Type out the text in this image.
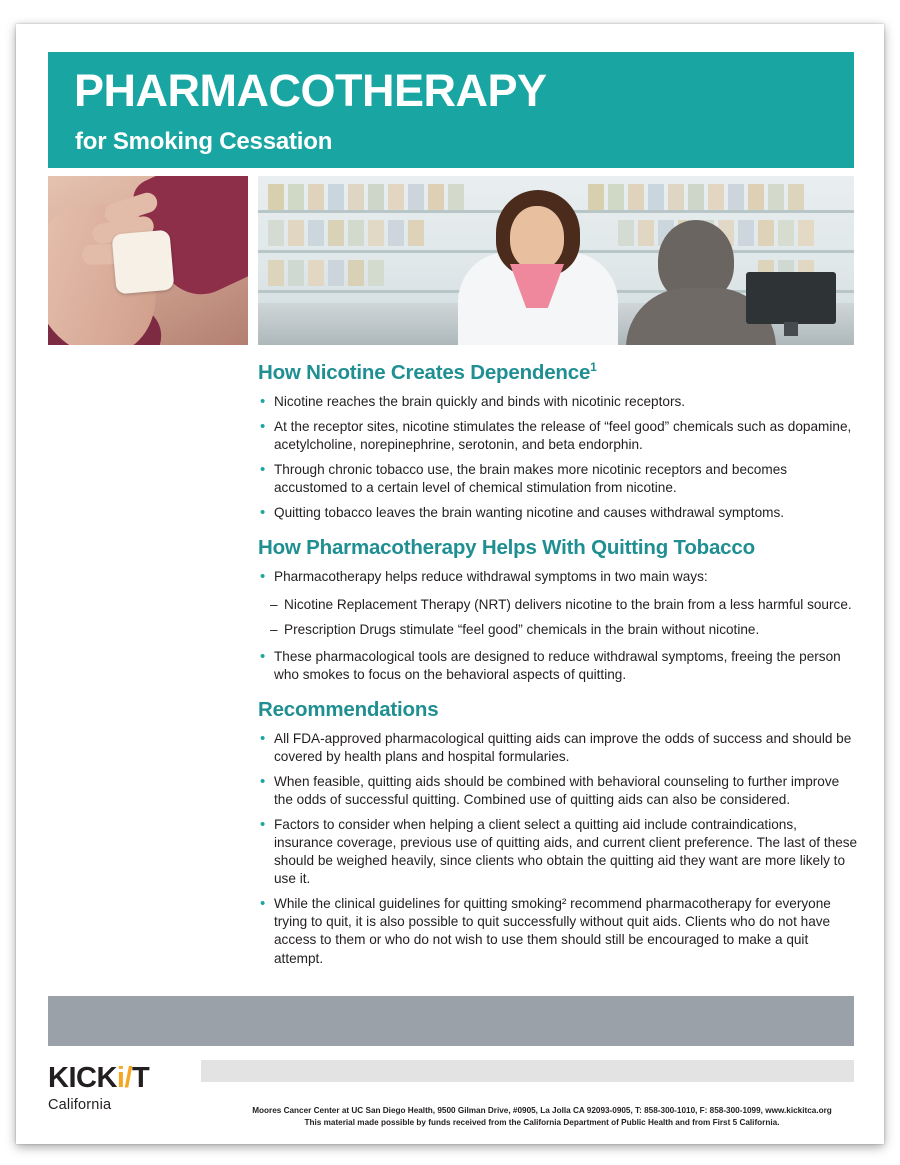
PHARMACOTHERAPY
for Smoking Cessation
How Nicotine Creates Dependence$^1$
• Nicotine reaches the brain quickly and binds with nicotinic receptors.
• At the receptor sites, nicotine stimulates the release of “feel good” chemicals such as dopamine, acetylcholine, norepinephrine, serotonin, and beta endorphin.
• Through chronic tobacco use, the brain makes more nicotinic receptors and becomes accustomed to a certain level of chemical stimulation from nicotine.
• Quitting tobacco leaves the brain wanting nicotine and causes withdrawal symptoms.
How Pharmacotherapy Helps With Quitting Tobacco
• Pharmacotherapy helps reduce withdrawal symptoms in two main ways:
– Nicotine Replacement Therapy (NRT) delivers nicotine to the brain from a less harmful source.
– Prescription Drugs stimulate “feel good” chemicals in the brain without nicotine.
• These pharmacological tools are designed to reduce withdrawal symptoms, freeing the person who smokes to focus on the behavioral aspects of quitting.
Recommendations
• All FDA-approved pharmacological quitting aids can improve the odds of success and should be covered by health plans and hospital formularies.
• When feasible, quitting aids should be combined with behavioral counseling to further improve the odds of successful quitting. Combined use of quitting aids can also be considered.
• Factors to consider when helping a client select a quitting aid include contraindications, insurance coverage, previous use of quitting aids, and current client preference. The last of these should be weighed heavily, since clients who obtain the quitting aid they want are more likely to use it.
• While the clinical guidelines for quitting smoking² recommend pharmacotherapy for everyone trying to quit, it is also possible to quit successfully without quit aids. Clients who do not have access to them or who do not wish to use them should still be encouraged to make a quit attempt.
KICKi/T
California	Moores Cancer Center at UC San Diego Health, 9500 Gilman Drive, #0905, La Jolla CA 92093-0905, T: 858-300-1010, F: 858-300-1099, www.kickitca.org
This material made possible by funds received from the California Department of Public Health and from First 5 California.
